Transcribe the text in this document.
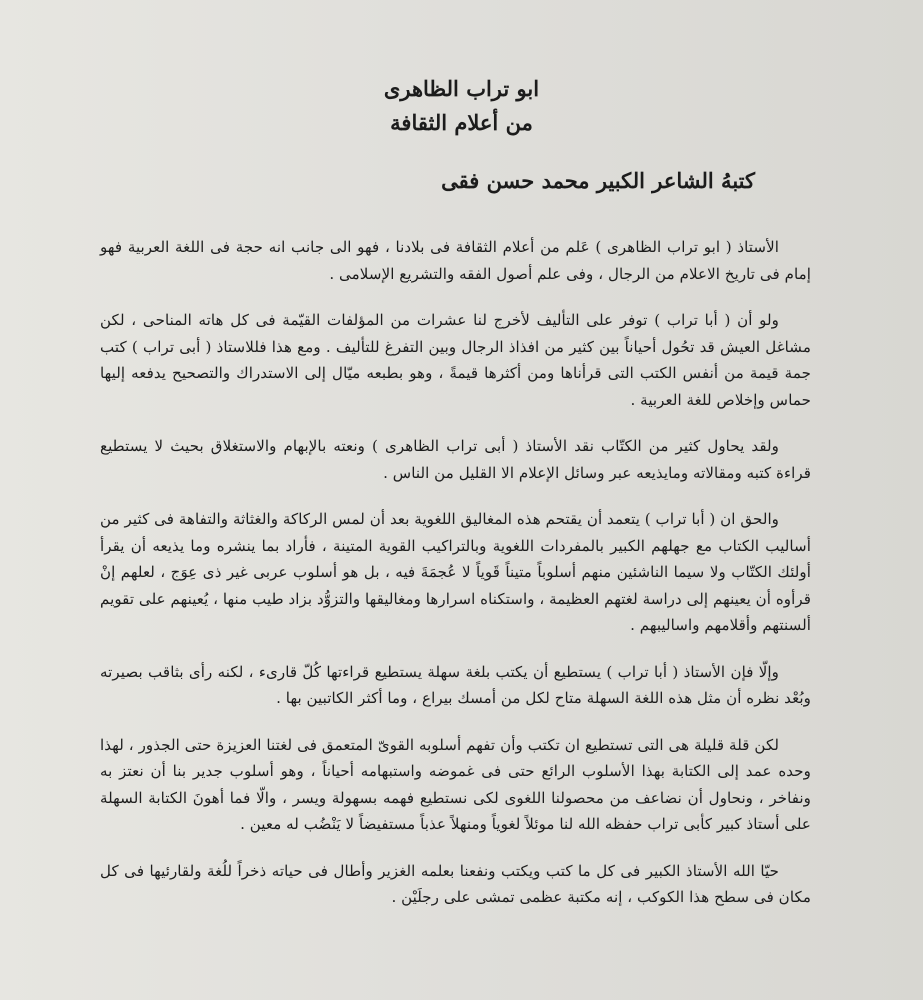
ابو تراب الظاهرى

من أعلام الثقافة

كتبهُ الشاعر الكبير محمد حسن فقى

الأستاذ ( ابو تراب الظاهرى ) عَلم من أعلام الثقافة فى بلادنا ، فهو الى جانب انه حجة فى اللغة العربية فهو إمام فى تاريخ الاعلام من الرجال ، وفى علم أصول الفقه والتشريع الإسلامى .

ولو أن ( أبا تراب ) توفر على التأليف لأخرج لنا عشرات من المؤلفات القيّمة فى كل هاته المناحى ، لكن مشاغل العيش قد تحُول أحياناً بين كثير من افذاذ الرجال وبين التفرغ للتأليف . ومع هذا فللاستاذ ( أبى تراب ) كتب جمة قيمة من أنفس الكتب التى قرأناها ومن أكثرها قيمةً ، وهو بطبعه ميّال إلى الاستدراك والتصحيح يدفعه إليها حماس وإخلاص للغة العربية .

ولقد يحاول كثير من الكتّاب نقد الأستاذ ( أبى تراب الظاهرى ) ونعته بالإبهام والاستغلاق بحيث لا يستطيع قراءة كتبه ومقالاته ومايذيعه عبر وسائل الإعلام الا القليل من الناس .

والحق ان ( أبا تراب ) يتعمد أن يقتحم هذه المغاليق اللغوية بعد أن لمس الركاكة والغثاثة والتفاهة فى كثير من أساليب الكتاب مع جهلهم الكبير بالمفردات اللغوية وبالتراكيب القوية المتينة ، فأراد بما ينشره وما يذيعه أن يقرأ أولئك الكتّاب ولا سيما الناشئين منهم أسلوباً متيناً قَوياً لا عُجمَةَ فيه ، بل هو أسلوب عربى غير ذى عِوَج ، لعلهم إنْ قرأوه أن يعينهم إلى دراسة لغتهم العظيمة ، واستكناه اسرارها ومغاليقها والتزوُّد بزاد طيب منها ، يُعينهم على تقويم ألسنتهم وأقلامهم واساليبهم .

وإلّا فإن الأستاذ ( أبا تراب ) يستطيع أن يكتب بلغة سهلة يستطيع قراءتها كُلّ قارىء ، لكنه رأى بثاقب بصيرته وبُعْد نظره أن مثل هذه اللغة السهلة متاح لكل من أمسك بيراع ، وما أكثر الكاتبين بها .

لكن قلة قليلة هى التى تستطيع ان تكتب وأن تفهم أسلوبه القوىّ المتعمق فى لغتنا العزيزة حتى الجذور ، لهذا وحده عمد إلى الكتابة بهذا الأسلوب الرائع حتى فى غموضه واستبهامه أحياناً ، وهو أسلوب جدير بنا أن نعتز به ونفاخر ، ونحاول أن نضاعف من محصولنا اللغوى لكى نستطيع فهمه بسهولة ويسر ، والّا فما أهونَ الكتابة السهلة على أستاذ كبير كأبى تراب حفظه الله لنا موئلاً لغوياً ومنهلاً عذباً مستفيضاً لا يَنْضُب له معين .

حيّا الله الأستاذ الكبير فى كل ما كتب ويكتب ونفعنا بعلمه الغزير وأطال فى حياته ذخراً للُغة ولقارئيها فى كل مكان فى سطح هذا الكوكب ، إنه مكتبة عظمى تمشى على رجلَيْن .
